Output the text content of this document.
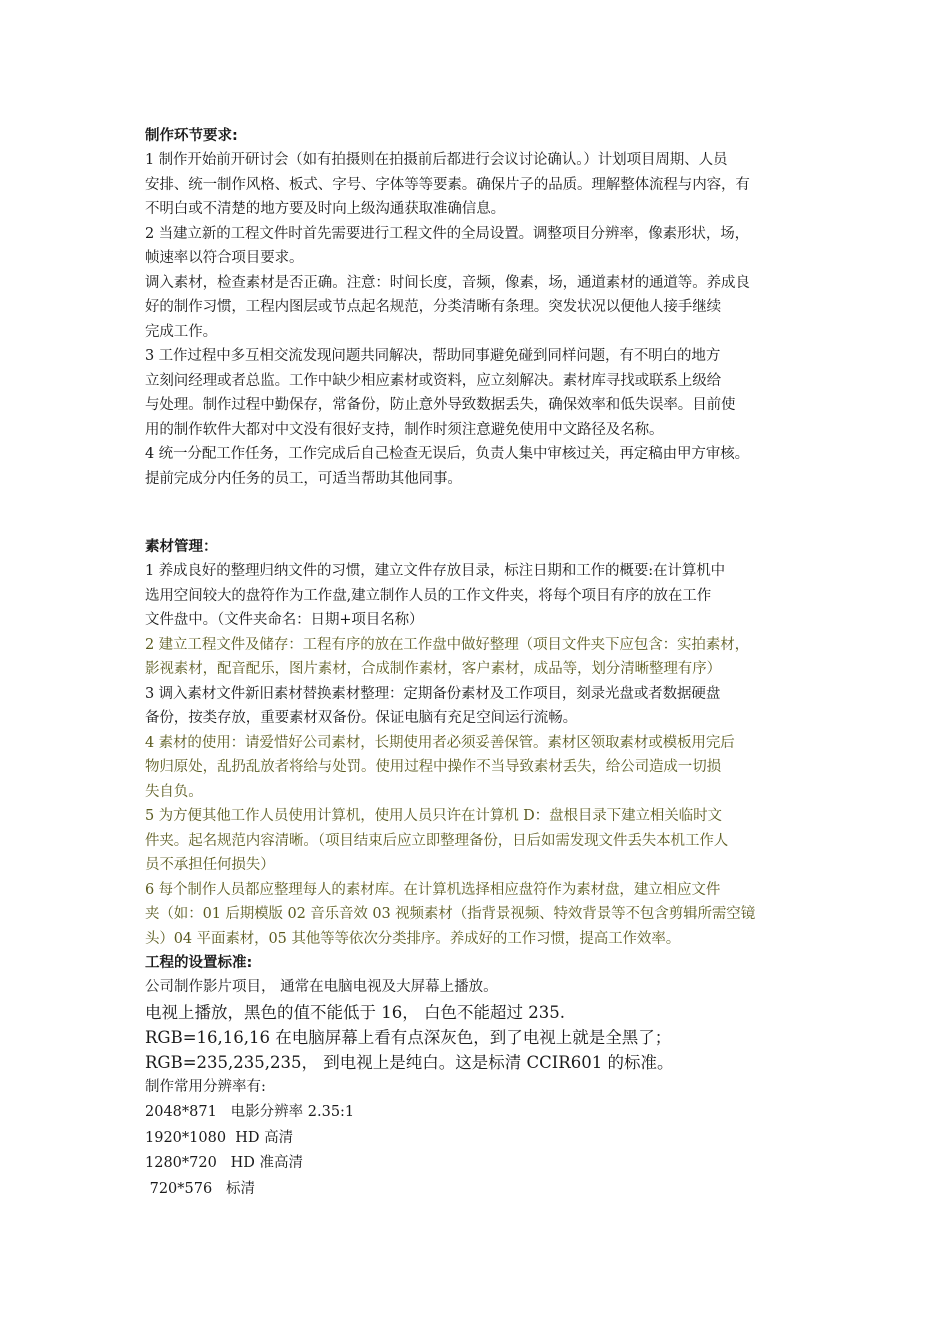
制作环节要求:
1 制作开始前开研讨会（如有拍摄则在拍摄前后都进行会议讨论确认。）计划项目周期、人员
安排、统一制作风格、板式、字号、字体等等要素。确保片子的品质。理解整体流程与内容，有
不明白或不清楚的地方要及时向上级沟通获取准确信息。
2 当建立新的工程文件时首先需要进行工程文件的全局设置。调整项目分辨率，像素形状，场，
帧速率以符合项目要求。
调入素材，检查素材是否正确。注意：时间长度，音频，像素，场，通道素材的通道等。养成良
好的制作习惯，工程内图层或节点起名规范，分类清晰有条理。突发状况以便他人接手继续
完成工作。
3 工作过程中多互相交流发现问题共同解决，帮助同事避免碰到同样问题，有不明白的地方
立刻问经理或者总监。工作中缺少相应素材或资料，应立刻解决。素材库寻找或联系上级给
与处理。制作过程中勤保存，常备份，防止意外导致数据丢失，确保效率和低失误率。目前使
用的制作软件大都对中文没有很好支持，制作时须注意避免使用中文路径及名称。
4 统一分配工作任务，工作完成后自己检查无误后，负责人集中审核过关，再定稿由甲方审核。
提前完成分内任务的员工，可适当帮助其他同事。
素材管理：
1 养成良好的整理归纳文件的习惯，建立文件存放目录，标注日期和工作的概要:在计算机中
选用空间较大的盘符作为工作盘,建立制作人员的工作文件夹，将每个项目有序的放在工作
文件盘中。（文件夹命名：日期+项目名称）
2 建立工程文件及储存：工程有序的放在工作盘中做好整理（项目文件夹下应包含：实拍素材，
影视素材，配音配乐，图片素材，合成制作素材，客户素材，成品等，划分清晰整理有序）
3 调入素材文件新旧素材替换素材整理：定期备份素材及工作项目，刻录光盘或者数据硬盘
备份，按类存放，重要素材双备份。保证电脑有充足空间运行流畅。
4 素材的使用：请爱惜好公司素材，长期使用者必须妥善保管。素材区领取素材或模板用完后
物归原处，乱扔乱放者将给与处罚。使用过程中操作不当导致素材丢失，给公司造成一切损
失自负。
5 为方便其他工作人员使用计算机，使用人员只许在计算机 D：盘根目录下建立相关临时文
件夹。起名规范内容清晰。（项目结束后应立即整理备份，日后如需发现文件丢失本机工作人
员不承担任何损失）
6 每个制作人员都应整理每人的素材库。在计算机选择相应盘符作为素材盘，建立相应文件
夹（如：01 后期模版 02 音乐音效 03 视频素材（指背景视频、特效背景等不包含剪辑所需空镜
头）04 平面素材，05 其他等等依次分类排序。养成好的工作习惯，提高工作效率。
工程的设置标准:
公司制作影片项目， 通常在电脑电视及大屏幕上播放。
电视上播放，黑色的值不能低于 16， 白色不能超过 235.
RGB=16,16,16 在电脑屏幕上看有点深灰色，到了电视上就是全黑了；
RGB=235,235,235， 到电视上是纯白。这是标清 CCIR601 的标准。
制作常用分辨率有:
2048*871   电影分辨率 2.35:1
1920*1080  HD 高清
1280*720   HD 准高清
720*576   标清
